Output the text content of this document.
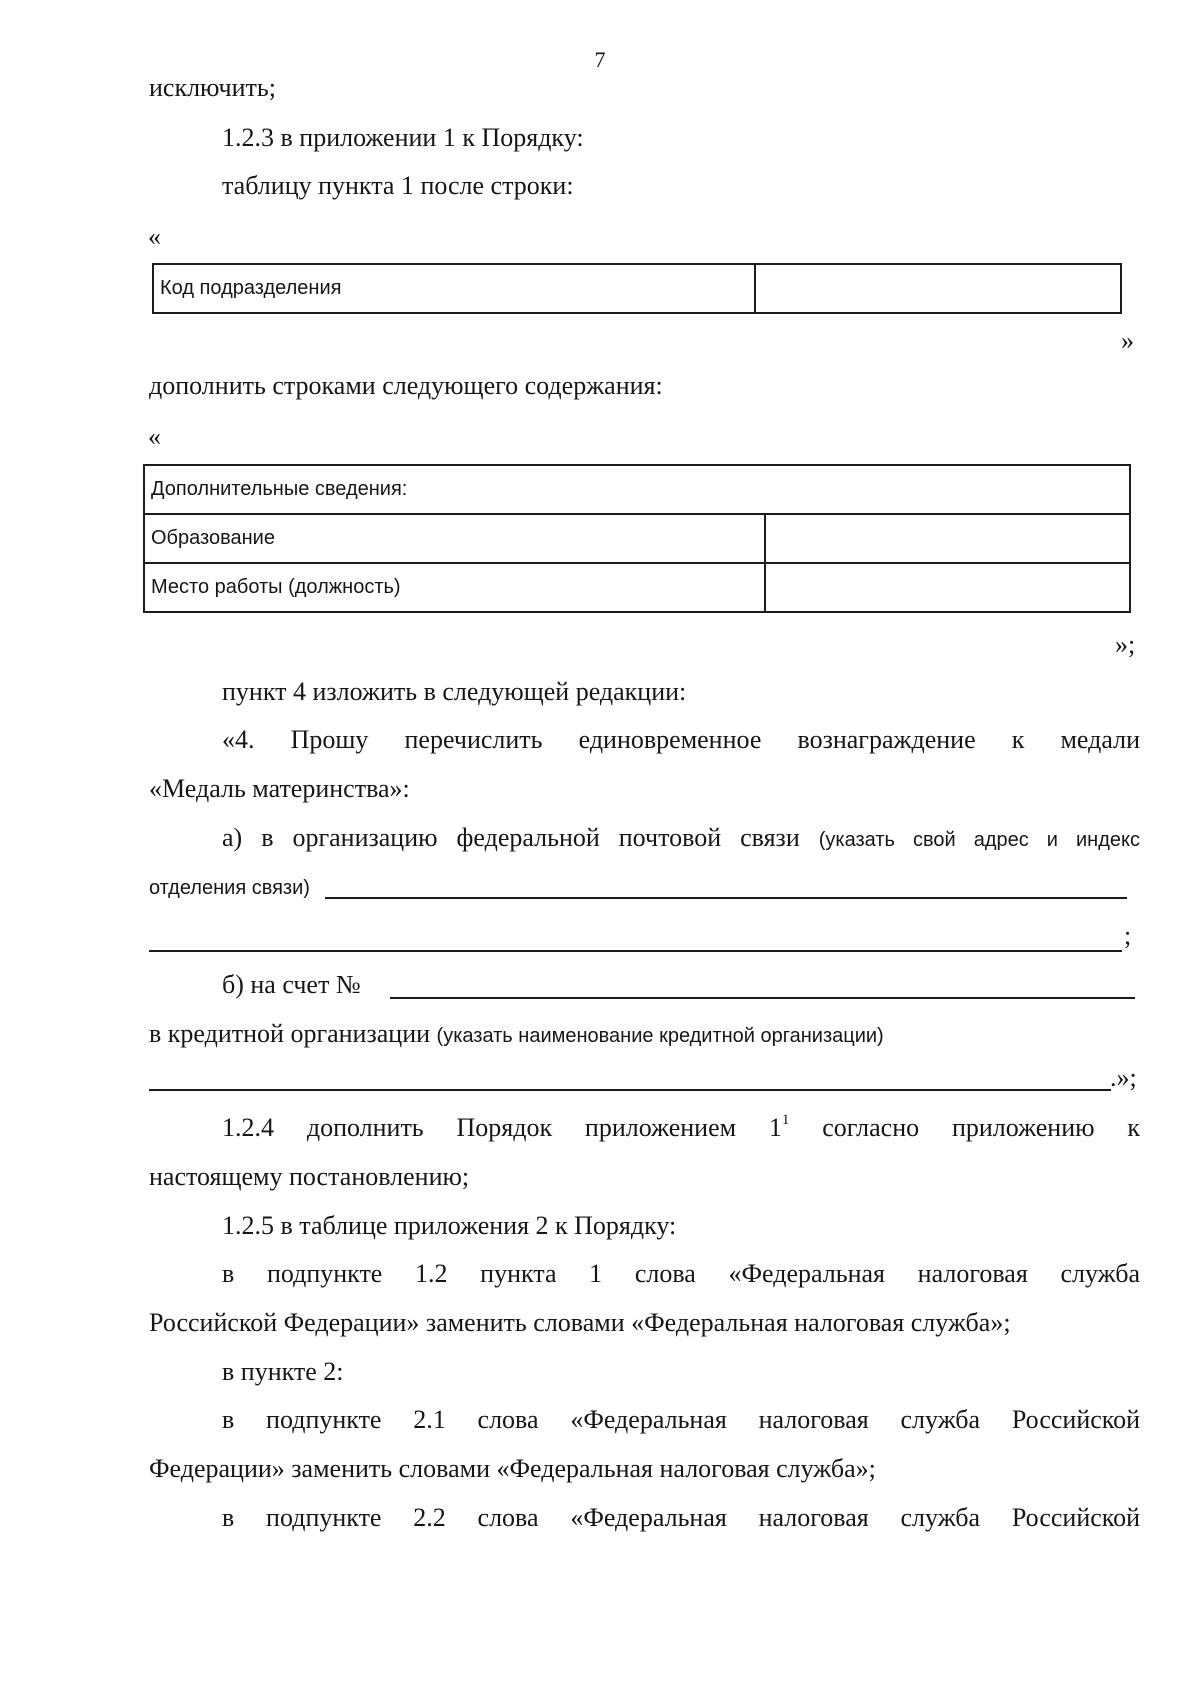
7
исключить;
1.2.3 в приложении 1 к Порядку:
таблицу пункта 1 после строки:
«
Код подразделения	
»
дополнить строками следующего содержания:
«
Дополнительные сведения:	
Образование	
Место работы (должность)	
»;
пункт 4 изложить в следующей редакции:
«4. Прошу перечислить единовременное вознаграждение к медали
«Медаль материнства»:
а) в организацию федеральной почтовой связи (указать свой адрес и индекс
отделения связи)
;
б) на счет №
в кредитной организации (указать наименование кредитной организации)
.»;
1.2.4 дополнить Порядок приложением $1^1$ согласно приложению к
настоящему постановлению;
1.2.5 в таблице приложения 2 к Порядку:
в подпункте 1.2 пункта 1 слова «Федеральная налоговая служба
Российской Федерации» заменить словами «Федеральная налоговая служба»;
в пункте 2:
в подпункте 2.1 слова «Федеральная налоговая служба Российской
Федерации» заменить словами «Федеральная налоговая служба»;
в подпункте 2.2 слова «Федеральная налоговая служба Российской
